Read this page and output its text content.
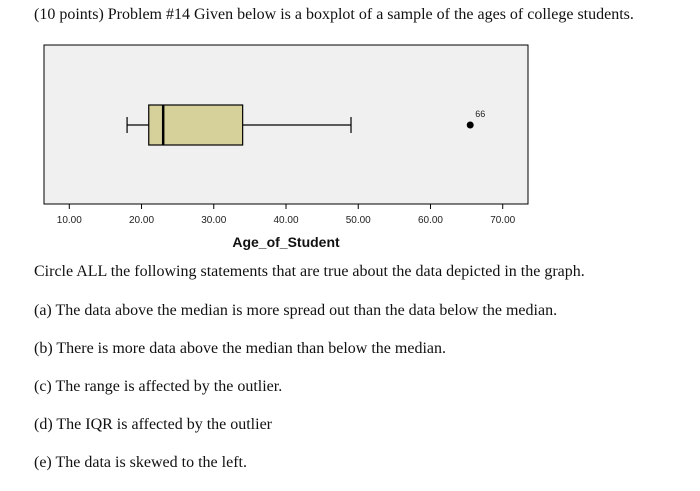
(10 points) Problem #14 Given below is a boxplot of a sample of the ages of college students.
10.00	20.00	30.00	40.00	50.00	60.00	70.00
66
Age_of_Student
Circle ALL the following statements that are true about the data depicted in the graph.
(a) The data above the median is more spread out than the data below the median.
(b) There is more data above the median than below the median.
(c) The range is affected by the outlier.
(d) The IQR is affected by the outlier
(e) The data is skewed to the left.
